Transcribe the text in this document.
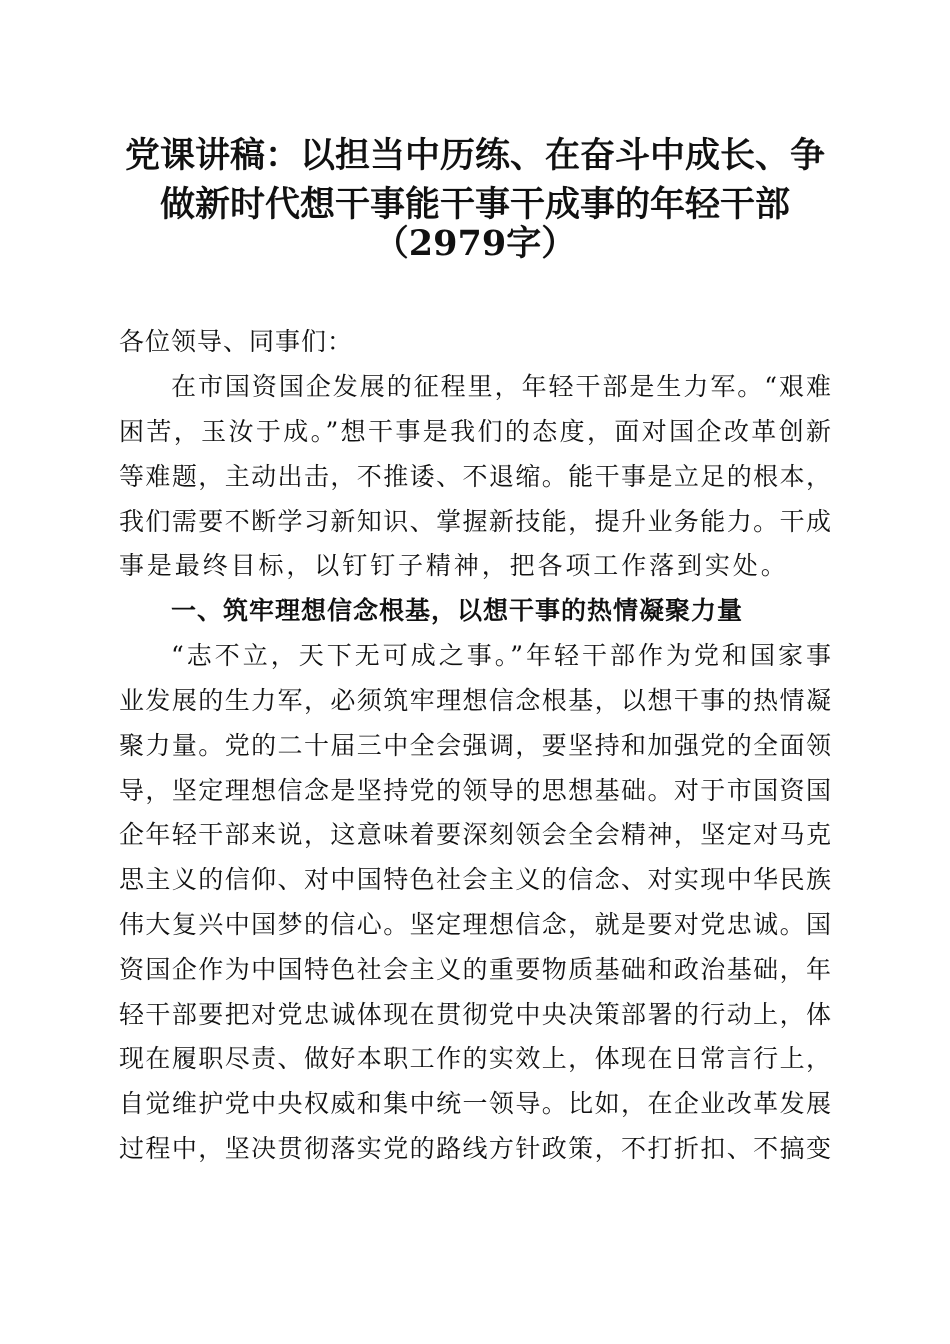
党课讲稿：以担当中历练、在奋斗中成长、争
做新时代想干事能干事干成事的年轻干部
（2979字）
各位领导、同事们：
在市国资国企发展的征程里，年轻干部是生力军。“艰难
困苦，玉汝于成。”想干事是我们的态度，面对国企改革创新
等难题，主动出击，不推诿、不退缩。能干事是立足的根本，
我们需要不断学习新知识、掌握新技能，提升业务能力。干成
事是最终目标，以钉钉子精神，把各项工作落到实处。
一、筑牢理想信念根基，以想干事的热情凝聚力量
“志不立，天下无可成之事。”年轻干部作为党和国家事
业发展的生力军，必须筑牢理想信念根基，以想干事的热情凝
聚力量。党的二十届三中全会强调，要坚持和加强党的全面领
导，坚定理想信念是坚持党的领导的思想基础。对于市国资国
企年轻干部来说，这意味着要深刻领会全会精神，坚定对马克
思主义的信仰、对中国特色社会主义的信念、对实现中华民族
伟大复兴中国梦的信心。坚定理想信念，就是要对党忠诚。国
资国企作为中国特色社会主义的重要物质基础和政治基础，年
轻干部要把对党忠诚体现在贯彻党中央决策部署的行动上，体
现在履职尽责、做好本职工作的实效上，体现在日常言行上，
自觉维护党中央权威和集中统一领导。比如，在企业改革发展
过程中，坚决贯彻落实党的路线方针政策，不打折扣、不搞变
